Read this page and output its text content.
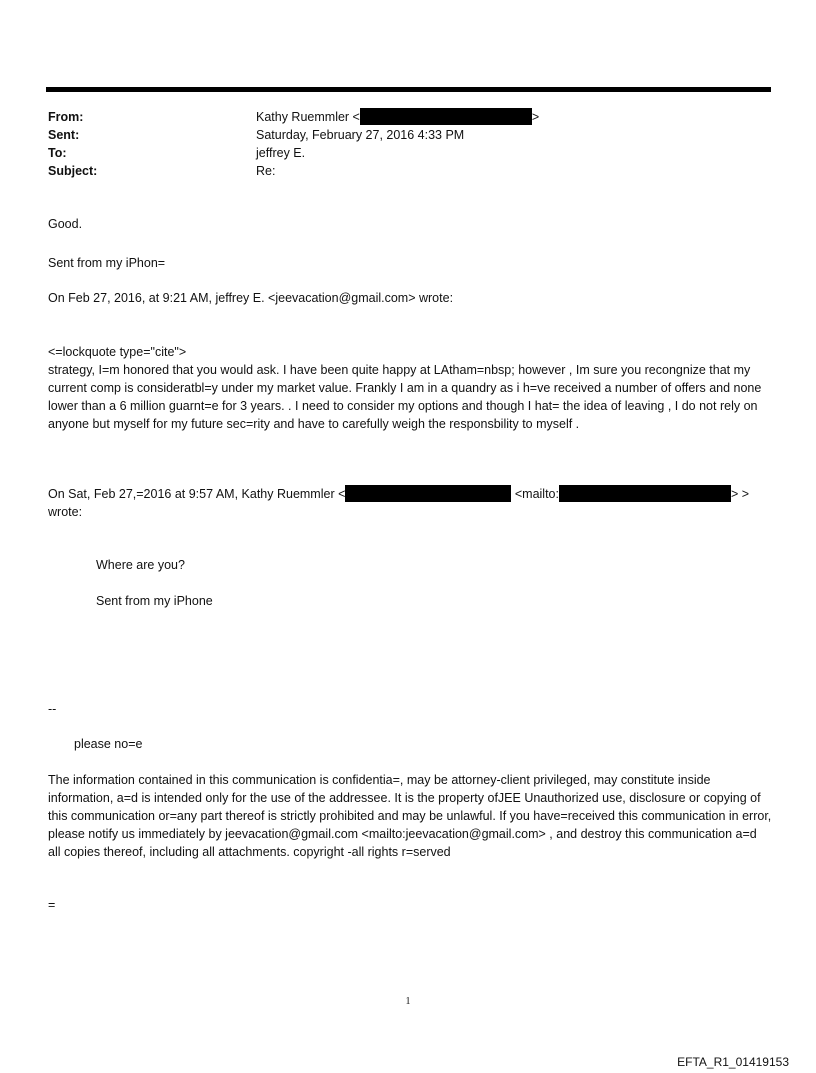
From:	Kathy Ruemmler <	>
Sent:	Saturday, February 27, 2016 4:33 PM
To:	jeffrey E.
Subject:	Re:
Good.
Sent from my iPhon=
On Feb 27, 2016, at 9:21 AM, jeffrey E. <jeevacation@gmail.com> wrote:
<=lockquote type="cite">
strategy, I=m honored that you would ask. I have been quite happy at LAtham=nbsp; however , Im sure you recongnize that my current comp is consideratbl=y under my market value. Frankly I am in a quandry as i h=ve received a number of offers and none lower than a 6 million guarnt=e for 3 years. . I need to consider my options and though I hat= the idea of leaving , I do not rely on anyone but myself for my future sec=rity and have to carefully weigh the responsbility to myself .
On Sat, Feb 27,=2016 at 9:57 AM, Kathy Ruemmler <	<mailto:	> >
wrote:
Where are you?
Sent from my iPhone
--
please no=e
The information contained in this communication is confidentia=, may be attorney-client privileged, may constitute inside information, a=d is intended only for the use of the addressee. It is the property ofJEE Unauthorized use, disclosure or copying of this communication or=any part thereof is strictly prohibited and may be unlawful. If you have=received this communication in error, please notify us immediately by jeevacation@gmail.com <mailto:jeevacation@gmail.com> , and destroy this communication a=d all copies thereof, including all attachments. copyright -all rights r=served
=
1
EFTA_R1_01419153
